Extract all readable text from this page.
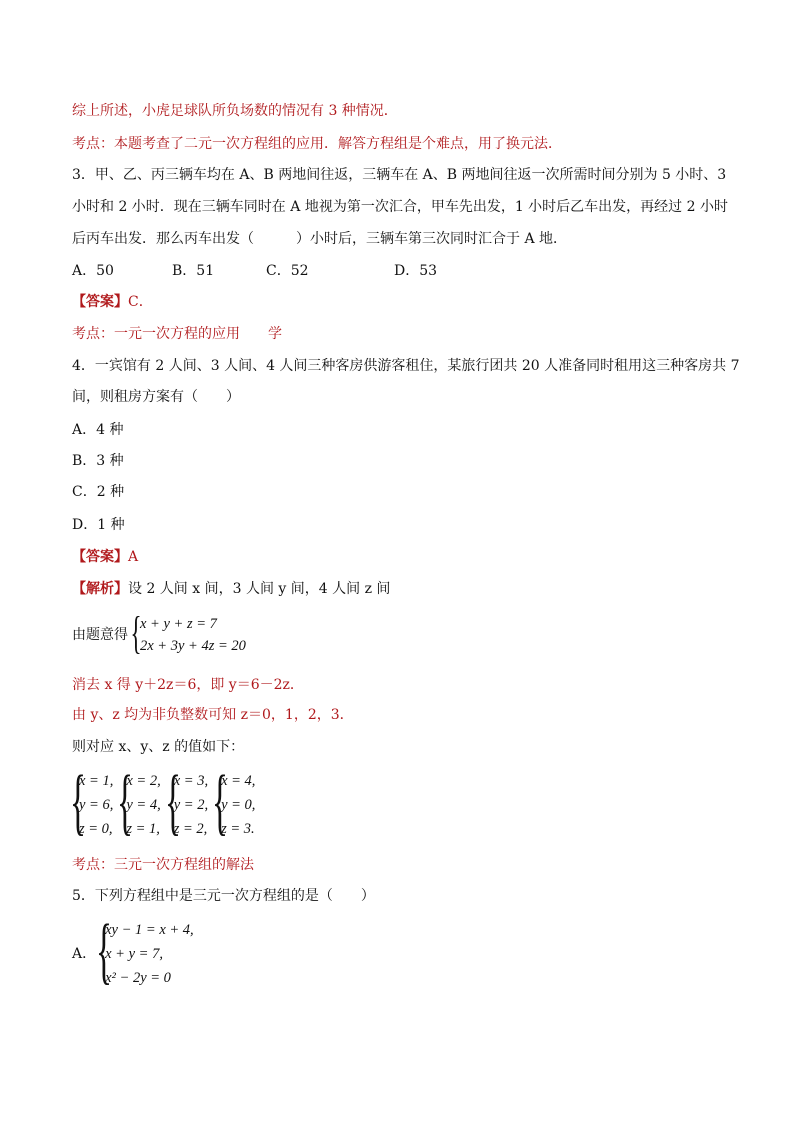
综上所述，小虎足球队所负场数的情况有 3 种情况．
考点：本题考查了二元一次方程组的应用．解答方程组是个难点，用了换元法．
3．甲、乙、丙三辆车均在 A、B 两地间往返，三辆车在 A、B 两地间往返一次所需时间分别为 5 小时、3
小时和 2 小时．现在三辆车同时在 A 地视为第一次汇合，甲车先出发，1 小时后乙车出发，再经过 2 小时
后丙车出发．那么丙车出发（　　　）小时后，三辆车第三次同时汇合于 A 地．
A．50	B．51	C．52	D．53
【答案】C．
考点：一元一次方程的应用　　学
4．一宾馆有 2 人间、3 人间、4 人间三种客房供游客租住，某旅行团共 20 人准备同时租用这三种客房共 7
间，则租房方案有（　　）
A．4 种
B．3 种
C．2 种
D．1 种
【答案】A
【解析】设 2 人间 x 间，3 人间 y 间，4 人间 z 间
由题意得 {
x + y + z = 7
2x + 3y + 4z = 20
消去 x 得 y＋2z＝6，即 y＝6－2z．
由 y、z 均为非负整数可知 z＝0，1，2，3．
则对应 x、y、z 的值如下：
{
x = 1,
y = 6,
z = 0, {
x = 2,
y = 4,
z = 1, {
x = 3,
y = 2,
z = 2, {
x = 4,
y = 0,
z = 3.
考点：三元一次方程组的解法
5．下列方程组中是三元一次方程组的是（　　）
A． {
xy − 1 = x + 4,
x + y = 7,
x² − 2y = 0
